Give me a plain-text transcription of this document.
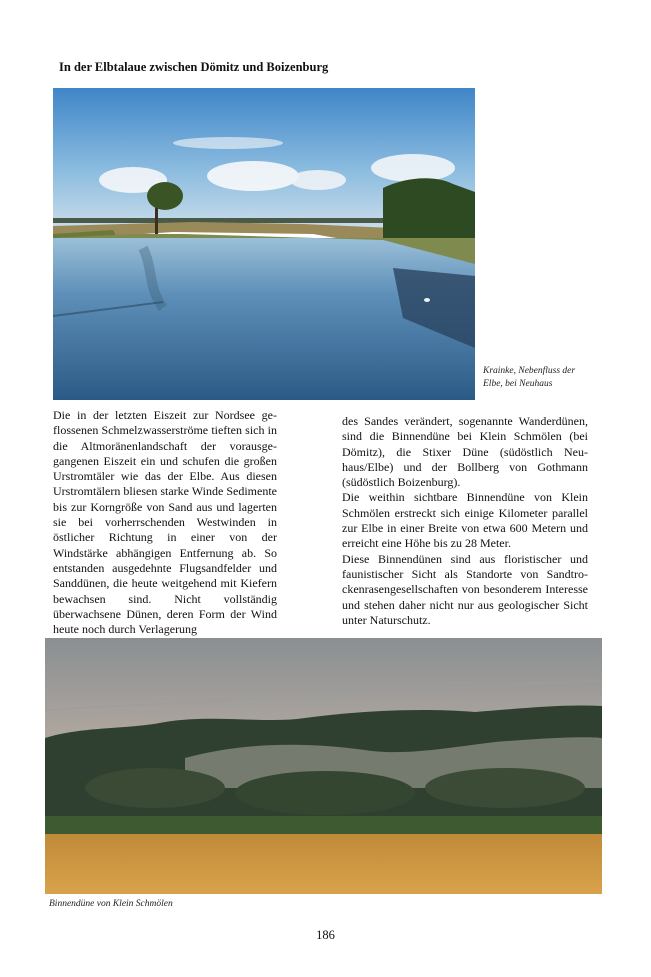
In der Elbtalaue zwischen Dömitz und Boizenburg
Krainke, Nebenfluss der Elbe, bei Neuhaus

Die in der letzten Eiszeit zur Nordsee geflossenen Schmelzwasserströme tieften sich in die Altmoränenlandschaft der vorausgegangenen Eiszeit ein und schufen die großen Urstromtäler wie das der Elbe. Aus diesen Urstromtälern bliesen starke Winde Sedimente bis zur Korngröße von Sand aus und lagerten sie bei vorherrschenden Westwinden in östlicher Richtung in einer von der Windstärke abhängigen Entfernung ab. So entstanden ausgedehnte Flugsandfelder und Sanddünen, die heute weitgehend mit Kiefern bewachsen sind. Nicht vollständig überwachsene Dünen, deren Form der Wind heute noch durch Verlagerung

des Sandes verändert, sogenannte Wanderdünen, sind die Binnendüne bei Klein Schmölen (bei Dömitz), die Stixer Düne (südöstlich Neuhaus/Elbe) und der Bollberg von Gothmann (südöstlich Boizenburg).

Die weithin sichtbare Binnendüne von Klein Schmölen erstreckt sich einige Kilometer parallel zur Elbe in einer Breite von etwa 600 Metern und erreicht eine Höhe bis zu 28 Meter.

Diese Binnendünen sind aus floristischer und faunistischer Sicht als Standorte von Sandtrockenrasengesellschaften von besonderem Interesse und stehen daher nicht nur aus geologischer Sicht unter Naturschutz.

Binnendüne von Klein Schmölen
186
